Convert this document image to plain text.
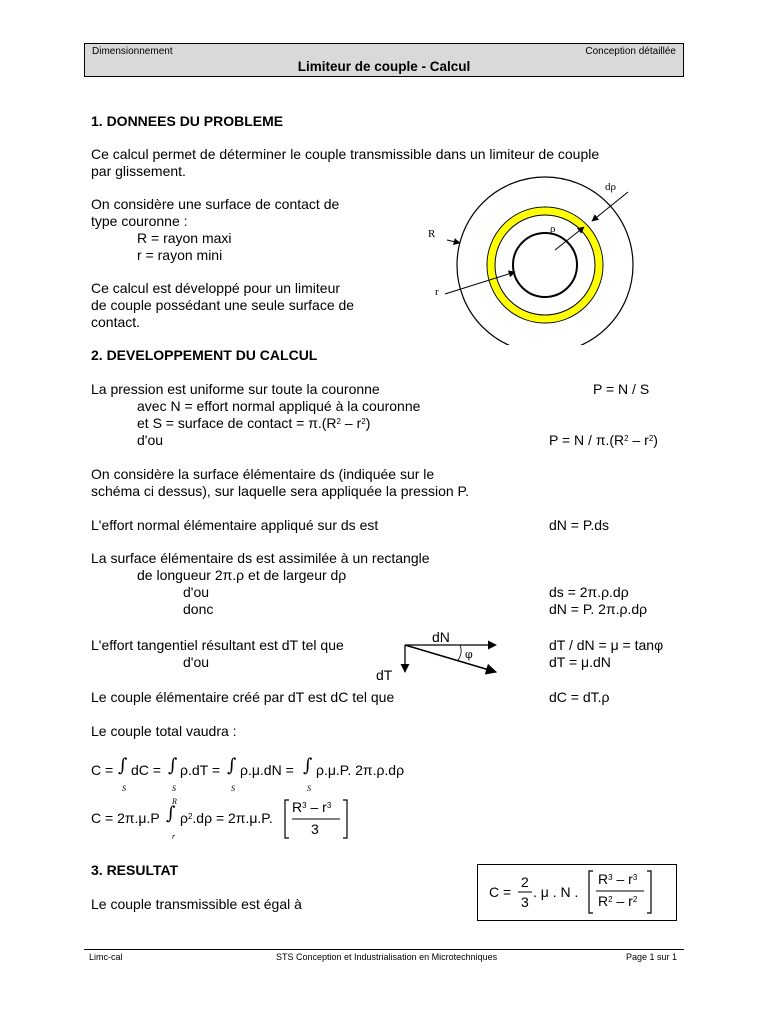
Dimensionnement	Conception détaillée
Limiteur de couple - Calcul
1. DONNEES DU PROBLEME
Ce calcul permet de déterminer le couple transmissible dans un limiteur de couple
par glissement.
On considère une surface de contact de
type couronne :
R = rayon maxi
r = rayon mini
Ce calcul est développé pour un limiteur
de couple possédant une seule surface de
contact.
dρ
ρ
R
r
2. DEVELOPPEMENT DU CALCUL
La pression est uniforme sur toute la couronne	P = N / S
avec N = effort normal appliqué à la couronne
et S = surface de contact = $\pi.(R^2 - r^2)$
d'ou	$P = N / \pi.(R^2 - r^2)$
On considère la surface élémentaire ds (indiquée sur le
schéma ci dessus), sur laquelle sera appliquée la pression P.
L'effort normal élémentaire appliqué sur ds est	dN = P.ds
La surface élémentaire ds est assimilée à un rectangle
de longueur 2π.ρ et de largeur dρ
d'ou	ds = 2π.ρ.dρ
donc	dN = P. 2π.ρ.dρ
L'effort tangentiel résultant est dT tel que	dT / dN = μ = tanφ
d'ou	dT = μ.dN
dN
dT
φ
Le couple élémentaire créé par dT est dC tel que	dC = dT.ρ
Le couple total vaudra :
C = ∫
S
dC = ∫
S
ρ.dT = ∫
S
ρ.μ.dN = ∫
S
ρ.μ.P. 2π.ρ.dρ
C = 2π.μ.P
R
∫
r
$\rho^2.d\rho = 2\pi.\mu.P$.
$R^3 - r^3$
3
3. RESULTAT
Le couple transmissible est égal à
C =
2
3
. μ . N .
$R^3 - r^3$
$R^2 - r^2$
Limc-cal	STS Conception et Industrialisation en Microtechniques	Page 1 sur 1
